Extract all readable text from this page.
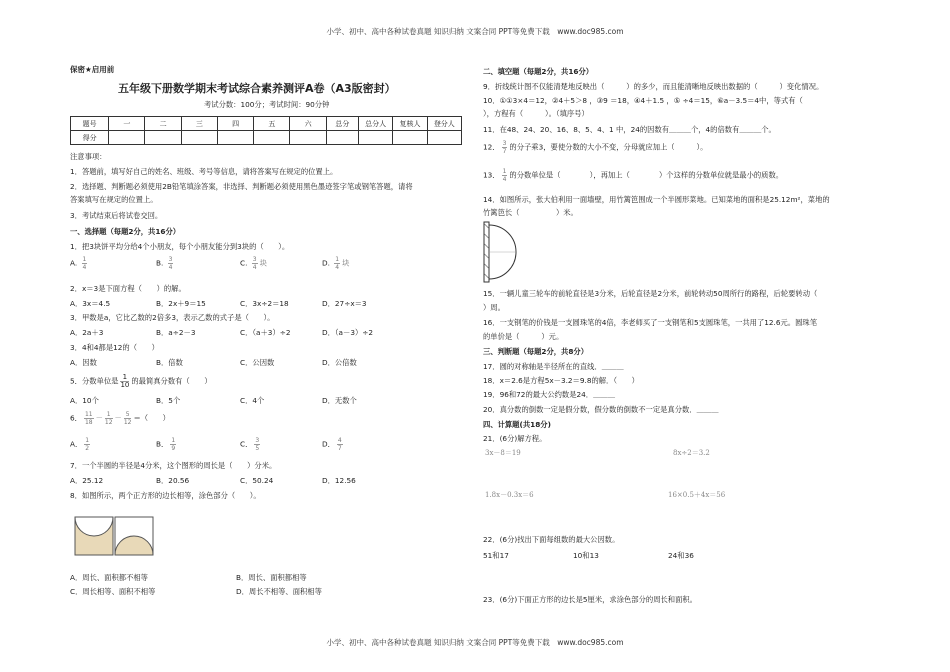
小学、初中、高中各种试卷真题 知识归纳 文案合同 PPT等免费下载　www.doc985.com
保密★启用前
五年级下册数学期末考试综合素养测评A卷（A3版密封）
考试分数：100分；考试时间：90分钟
题号	一	二	三	四	五	六	总分	总分人	复核人	登分人
得分										
注意事项：
1．答题前，填写好自己的姓名、班级、考号等信息，请将答案写在规定的位置上。
2．选择题、判断题必须使用2B铅笔填涂答案，非选择、判断题必须使用黑色墨迹签字笔或钢笔答题，请将
答案填写在规定的位置上。
3．考试结束后将试卷交回。
一、选择题（每题2分，共16分）
1．把3块饼平均分给4个小朋友，每个小朋友能分到3块的（　　）。
A. $\frac{1}{4}$	B. $\frac{3}{4}$	C. $\frac{3}{4}$ 块	D. $\frac{1}{4}$ 块
2．x＝3是下面方程（　　）的解。
A．3x＝4.5	B．2x＋9＝15	C．3x÷2＝18	D．27÷x＝3
3．甲数是a，它比乙数的2倍多3，表示乙数的式子是（　　）。
A．2a＋3	B．a÷2－3	C．（a＋3）÷2	D．（a－3）÷2
3．4和4都是12的（　　）
A．因数	B．倍数	C．公因数	D．公倍数
5．分数单位是 $\frac{1}{10}$ 的最简真分数有（　　）
A．10个	B．5个	C．4个	D．无数个
6． $\frac{11}{18} - \frac{1}{12} - \frac{5}{12}$ ＝（　　）
A． $\frac{1}{2}$	B． $\frac{1}{9}$	C． $\frac{3}{5}$	D． $\frac{4}{7}$
7．一个半圆的半径是4分米，这个图形的周长是（　　）分米。
A．25.12	B．20.56	C．50.24	D．12.56
8．如图所示，两个正方形的边长相等，涂色部分（　　）。
A．周长、面积都不相等	B．周长、面积都相等
C．周长相等、面积不相等	D．周长不相等、面积相等
二、填空题（每题2分，共16分）
9．折线统计图不仅能清楚地反映出（　　　）的多少，而且能清晰地反映出数据的（　　　）变化情况。
10．①①3×4＝12，②4＋5＞8 ，③9 ＝18，④4＋1.5 ，⑤ ÷4＝15，⑥a－3.5＝4中，等式有（
），方程有（　　　）。（填序号）
11．在48、24、20、16、8、5、4、1 中，24的因数有＿＿＿个，4的倍数有＿＿＿个。
12． $\frac{3}{7}$ 的分子乘3，要使分数的大小不变，分母就应加上（　　　）。
13． $\frac{1}{4}$ 的分数单位是（　　　　），再加上（　　　　）个这样的分数单位就是最小的质数。
14．如图所示，张大伯利用一面墙壁，用竹篱笆围成一个半圆形菜地。已知菜地的面积是25.12m²，菜地的
竹篱笆长（　　　　　）米。
15．一辆儿童三轮车的前轮直径是3分米，后轮直径是2分米，前轮转动50周所行的路程，后轮要转动（
）周。
16．一支钢笔的价钱是一支圆珠笔的4倍，李老师买了一支钢笔和5支圆珠笔，一共用了12.6元。圆珠笔
的单价是（　　　）元。
三、判断题（每题2分，共8分）
17．圆的对称轴是半径所在的直线．＿＿＿
18．x＝2.6是方程5x－3.2＝9.8的解．（　　）
19．96和72的最大公约数是24．＿＿＿
20．真分数的倒数一定是假分数，假分数的倒数不一定是真分数．＿＿＿
四、计算题(共18分)
21．(6分)解方程。
3x－8＝19	8x÷2＝3.2
1.8x－0.3x＝6	16×0.5＋4x＝56
22．(6分)找出下面每组数的最大公因数。
51和17	10和13	24和36
23．(6分)下面正方形的边长是5厘米，求涂色部分的周长和面积。
小学、初中、高中各种试卷真题 知识归纳 文案合同 PPT等免费下载　www.doc985.com
